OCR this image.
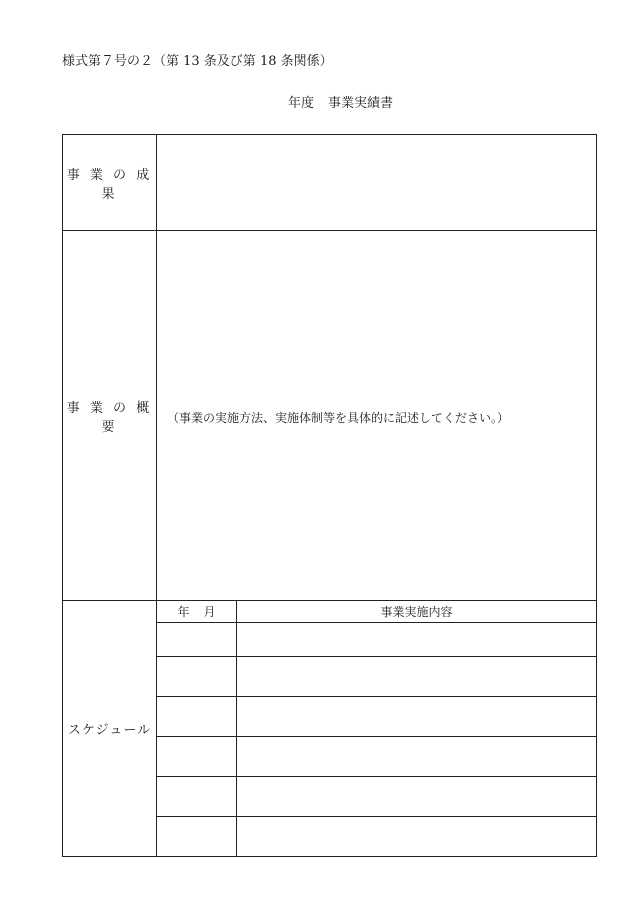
様式第７号の２（第 13 条及び第 18 条関係）
年度 事業実績書
事 業 の 成 果		
事 業 の 概 要	（事業の実施方法、実施体制等を具体的に記述してください。）	

スケジュール	年 月	事業実施内容
